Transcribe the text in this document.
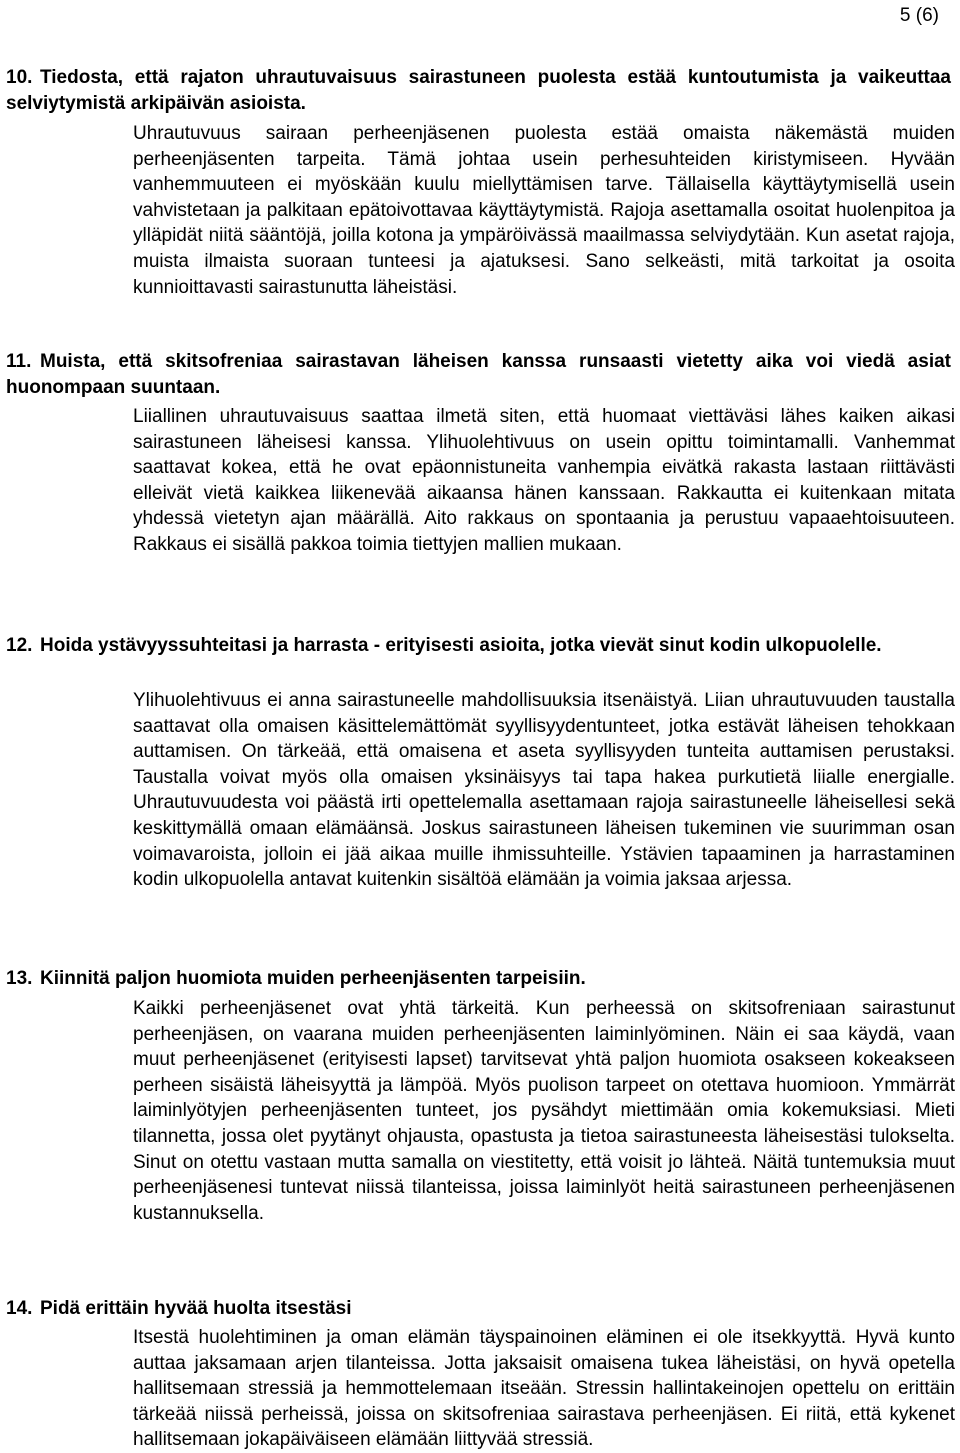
5 (6)
10. Tiedosta, että rajaton uhrautuvaisuus sairastuneen puolesta estää kuntoutumista ja vaikeuttaa selviytymistä arkipäivän asioista.

Uhrautuvuus sairaan perheenjäsenen puolesta estää omaista näkemästä muiden perheenjäsenten tarpeita. Tämä johtaa usein perhesuhteiden kiristymiseen. Hyvään vanhemmuuteen ei myöskään kuulu miellyttämisen tarve. Tällaisella käyttäytymisellä usein vahvistetaan ja palkitaan epätoivottavaa käyttäytymistä. Rajoja asettamalla osoitat huolenpitoa ja ylläpidät niitä sääntöjä, joilla kotona ja ympäröivässä maailmassa selviydytään. Kun asetat rajoja, muista ilmaista suoraan tunteesi ja ajatuksesi. Sano selkeästi, mitä tarkoitat ja osoita kunnioittavasti sairastunutta läheistäsi.

11. Muista, että skitsofreniaa sairastavan läheisen kanssa runsaasti vietetty aika voi viedä asiat huonompaan suuntaan.

Liiallinen uhrautuvaisuus saattaa ilmetä siten, että huomaat viettäväsi lähes kaiken aikasi sairastuneen läheisesi kanssa. Ylihuolehtivuus on usein opittu toimintamalli. Vanhemmat saattavat kokea, että he ovat epäonnistuneita vanhempia eivätkä rakasta lastaan riittävästi elleivät vietä kaikkea liikenevää aikaansa hänen kanssaan. Rakkautta ei kuitenkaan mitata yhdessä vietetyn ajan määrällä. Aito rakkaus on spontaania ja perustuu vapaaehtoisuuteen. Rakkaus ei sisällä pakkoa toimia tiettyjen mallien mukaan.

12. Hoida ystävyyssuhteitasi ja harrasta - erityisesti asioita, jotka vievät sinut kodin ulkopuolelle.

Ylihuolehtivuus ei anna sairastuneelle mahdollisuuksia itsenäistyä. Liian uhrautuvuuden taustalla saattavat olla omaisen käsittelemättömät syyllisyydentunteet, jotka estävät läheisen tehokkaan auttamisen. On tärkeää, että omaisena et aseta syyllisyyden tunteita auttamisen perustaksi. Taustalla voivat myös olla omaisen yksinäisyys tai tapa hakea purkutietä liialle energialle. Uhrautuvuudesta voi päästä irti opettelemalla asettamaan rajoja sairastuneelle läheisellesi sekä keskittymällä omaan elämäänsä. Joskus sairastuneen läheisen tukeminen vie suurimman osan voimavaroista, jolloin ei jää aikaa muille ihmissuhteille. Ystävien tapaaminen ja harrastaminen kodin ulkopuolella antavat kuitenkin sisältöä elämään ja voimia jaksaa arjessa.

13. Kiinnitä paljon huomiota muiden perheenjäsenten tarpeisiin.

Kaikki perheenjäsenet ovat yhtä tärkeitä. Kun perheessä on skitsofreniaan sairastunut perheenjäsen, on vaarana muiden perheenjäsenten laiminlyöminen. Näin ei saa käydä, vaan muut perheenjäsenet (erityisesti lapset) tarvitsevat yhtä paljon huomiota osakseen kokeakseen perheen sisäistä läheisyyttä ja lämpöä. Myös puolison tarpeet on otettava huomioon. Ymmärrät laiminlyötyjen perheenjäsenten tunteet, jos pysähdyt miettimään omia kokemuksiasi. Mieti tilannetta, jossa olet pyytänyt ohjausta, opastusta ja tietoa sairastuneesta läheisestäsi tulokselta. Sinut on otettu vastaan mutta samalla on viestitetty, että voisit jo lähteä. Näitä tuntemuksia muut perheenjäsenesi tuntevat niissä tilanteissa, joissa laiminlyöt heitä sairastuneen perheenjäsenen kustannuksella.

14. Pidä erittäin hyvää huolta itsestäsi

Itsestä huolehtiminen ja oman elämän täyspainoinen eläminen ei ole itsekkyyttä. Hyvä kunto auttaa jaksamaan arjen tilanteissa. Jotta jaksaisit omaisena tukea läheistäsi, on hyvä opetella hallitsemaan stressiä ja hemmottelemaan itseään. Stressin hallintakeinojen opettelu on erittäin tärkeää niissä perheissä, joissa on skitsofreniaa sairastava perheenjäsen. Ei riitä, että kykenet hallitsemaan jokapäiväiseen elämään liittyvää stressiä.
